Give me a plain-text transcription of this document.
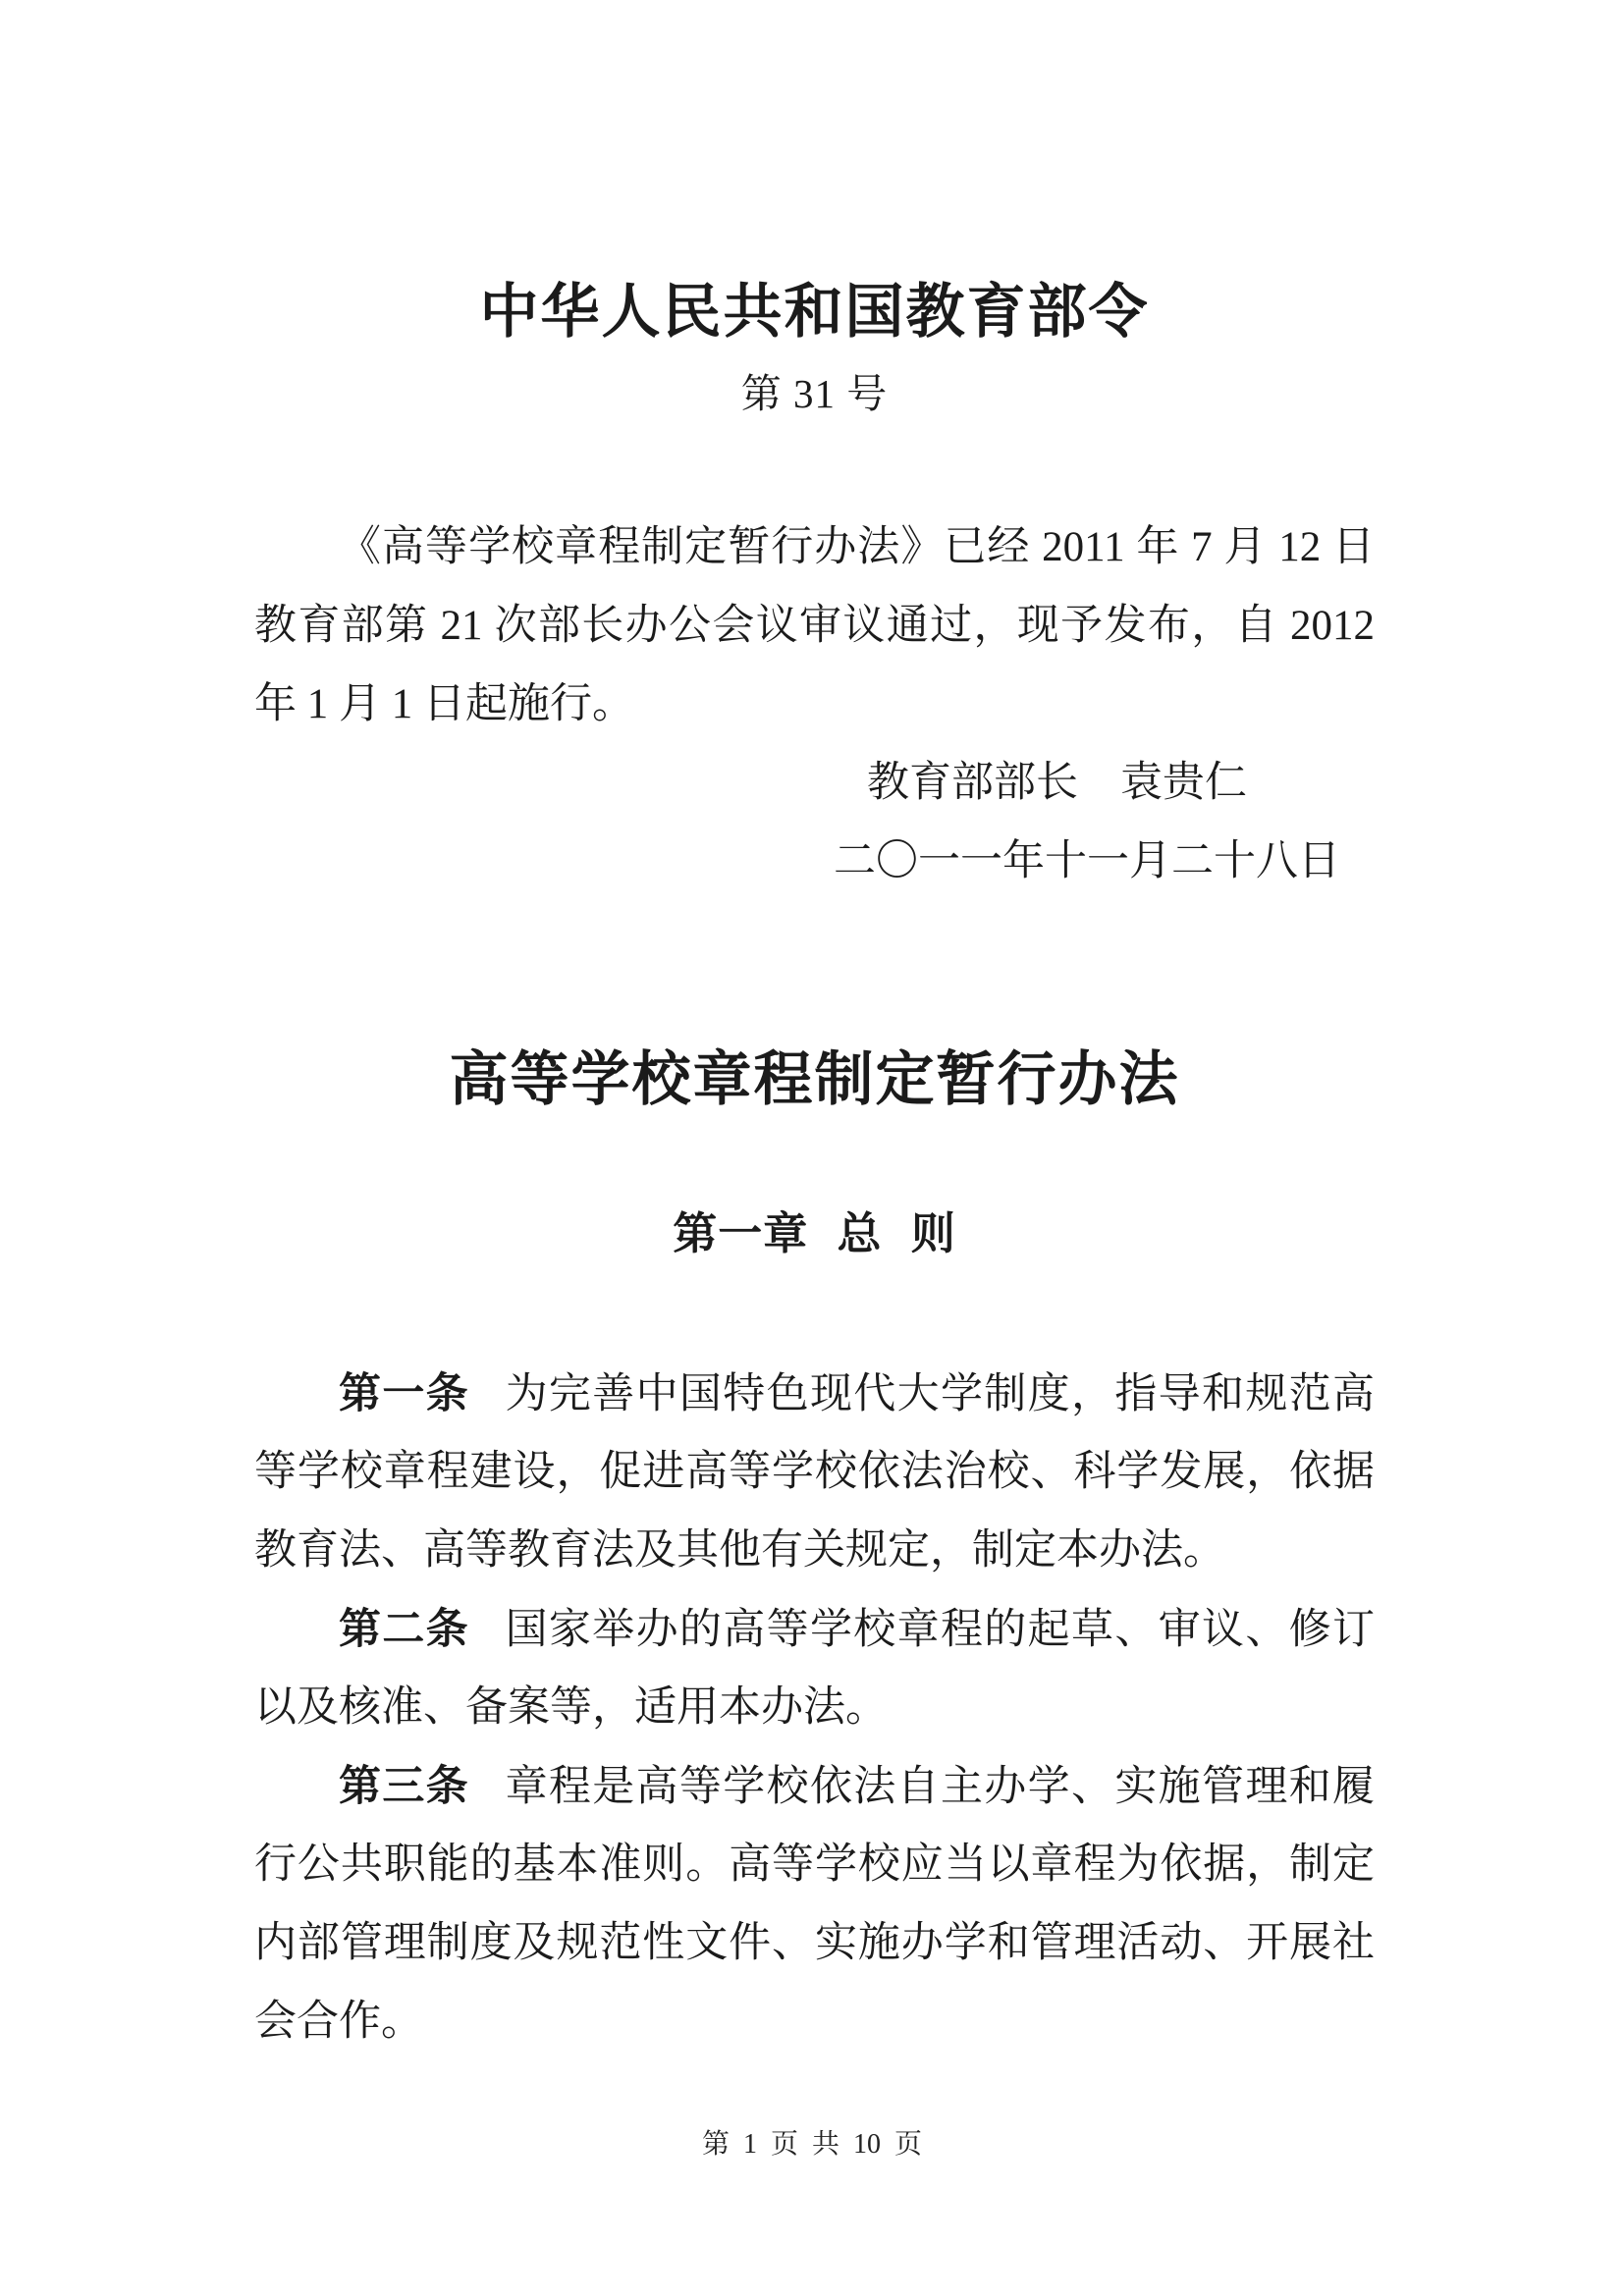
中华人民共和国教育部令
第 31 号
《高等学校章程制定暂行办法》已经 2011 年 7 月 12 日
教育部第 21 次部长办公会议审议通过，现予发布，自 2012
年 1 月 1 日起施行。
教育部部长　袁贵仁
二〇一一年十一月二十八日
高等学校章程制定暂行办法
第一章 总 则
第一条 为完善中国特色现代大学制度，指导和规范高
等学校章程建设，促进高等学校依法治校、科学发展，依据
教育法、高等教育法及其他有关规定，制定本办法。
第二条 国家举办的高等学校章程的起草、审议、修订
以及核准、备案等，适用本办法。
第三条 章程是高等学校依法自主办学、实施管理和履
行公共职能的基本准则。高等学校应当以章程为依据，制定
内部管理制度及规范性文件、实施办学和管理活动、开展社
会合作。
第 1 页 共 10 页
